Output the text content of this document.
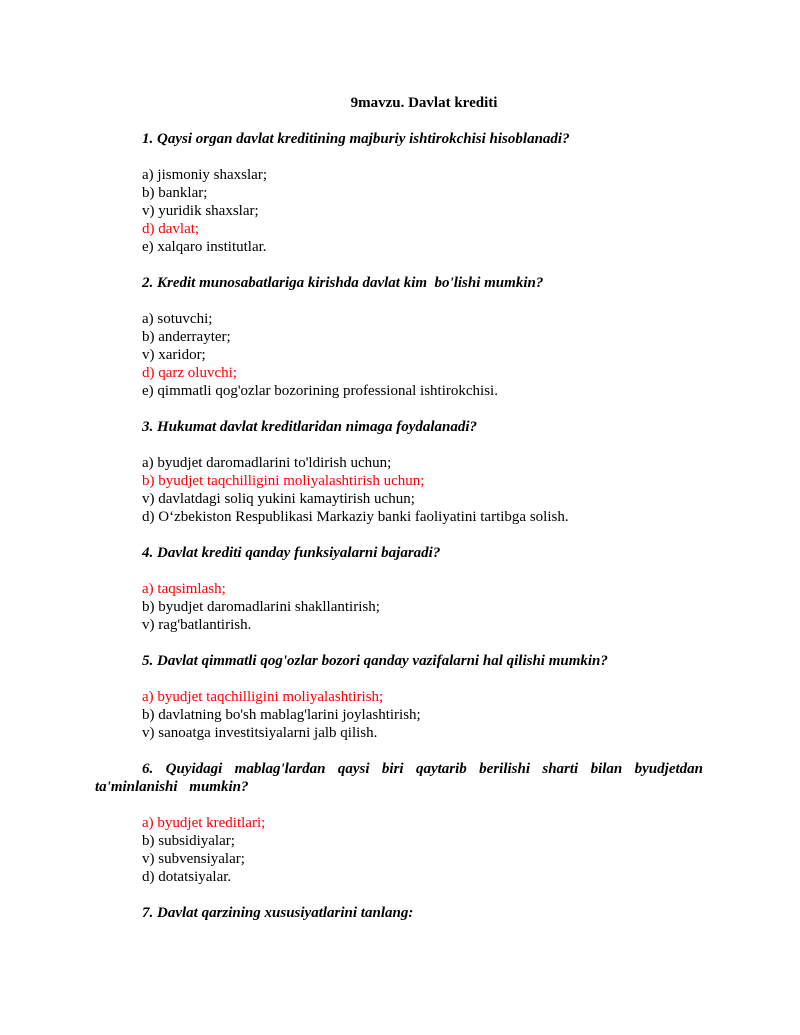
9mavzu. Davlat krediti

1. Qaysi organ davlat kreditining majburiy ishtirokchisi hisoblanadi?

a) jismoniy shaxslar;
b) banklar;
v) yuridik shaxslar;
d) davlat;
e) xalqaro institutlar.

2. Kredit munosabatlariga kirishda davlat kim  bo'lishi mumkin?

a) sotuvchi;
b) anderrayter;
v) xaridor;
d) qarz oluvchi;
e) qimmatli qog'ozlar bozorining professional ishtirokchisi.

3. Hukumat davlat kreditlaridan nimaga foydalanadi?

a) byudjet daromadlarini to'ldirish uchun;
b) byudjet taqchilligini moliyalashtirish uchun;
v) davlatdagi soliq yukini kamaytirish uchun;
d) O‘zbekiston Respublikasi Markaziy banki faoliyatini tartibga solish.

4. Davlat krediti qanday funksiyalarni bajaradi?

a) taqsimlash;
b) byudjet daromadlarini shakllantirish;
v) rag'batlantirish.

5. Davlat qimmatli qog'ozlar bozori qanday vazifalarni hal qilishi mumkin?

a) byudjet taqchilligini moliyalashtirish;
b) davlatning bo'sh mablag'larini joylashtirish;
v) sanoatga investitsiyalarni jalb qilish.

6. Quyidagi mablag'lardan qaysi biri qaytarib berilishi sharti bilan byudjetdan ta'minlanishi mumkin?

a) byudjet kreditlari;
b) subsidiyalar;
v) subvensiyalar;
d) dotatsiyalar.

7. Davlat qarzining xususiyatlarini tanlang:
